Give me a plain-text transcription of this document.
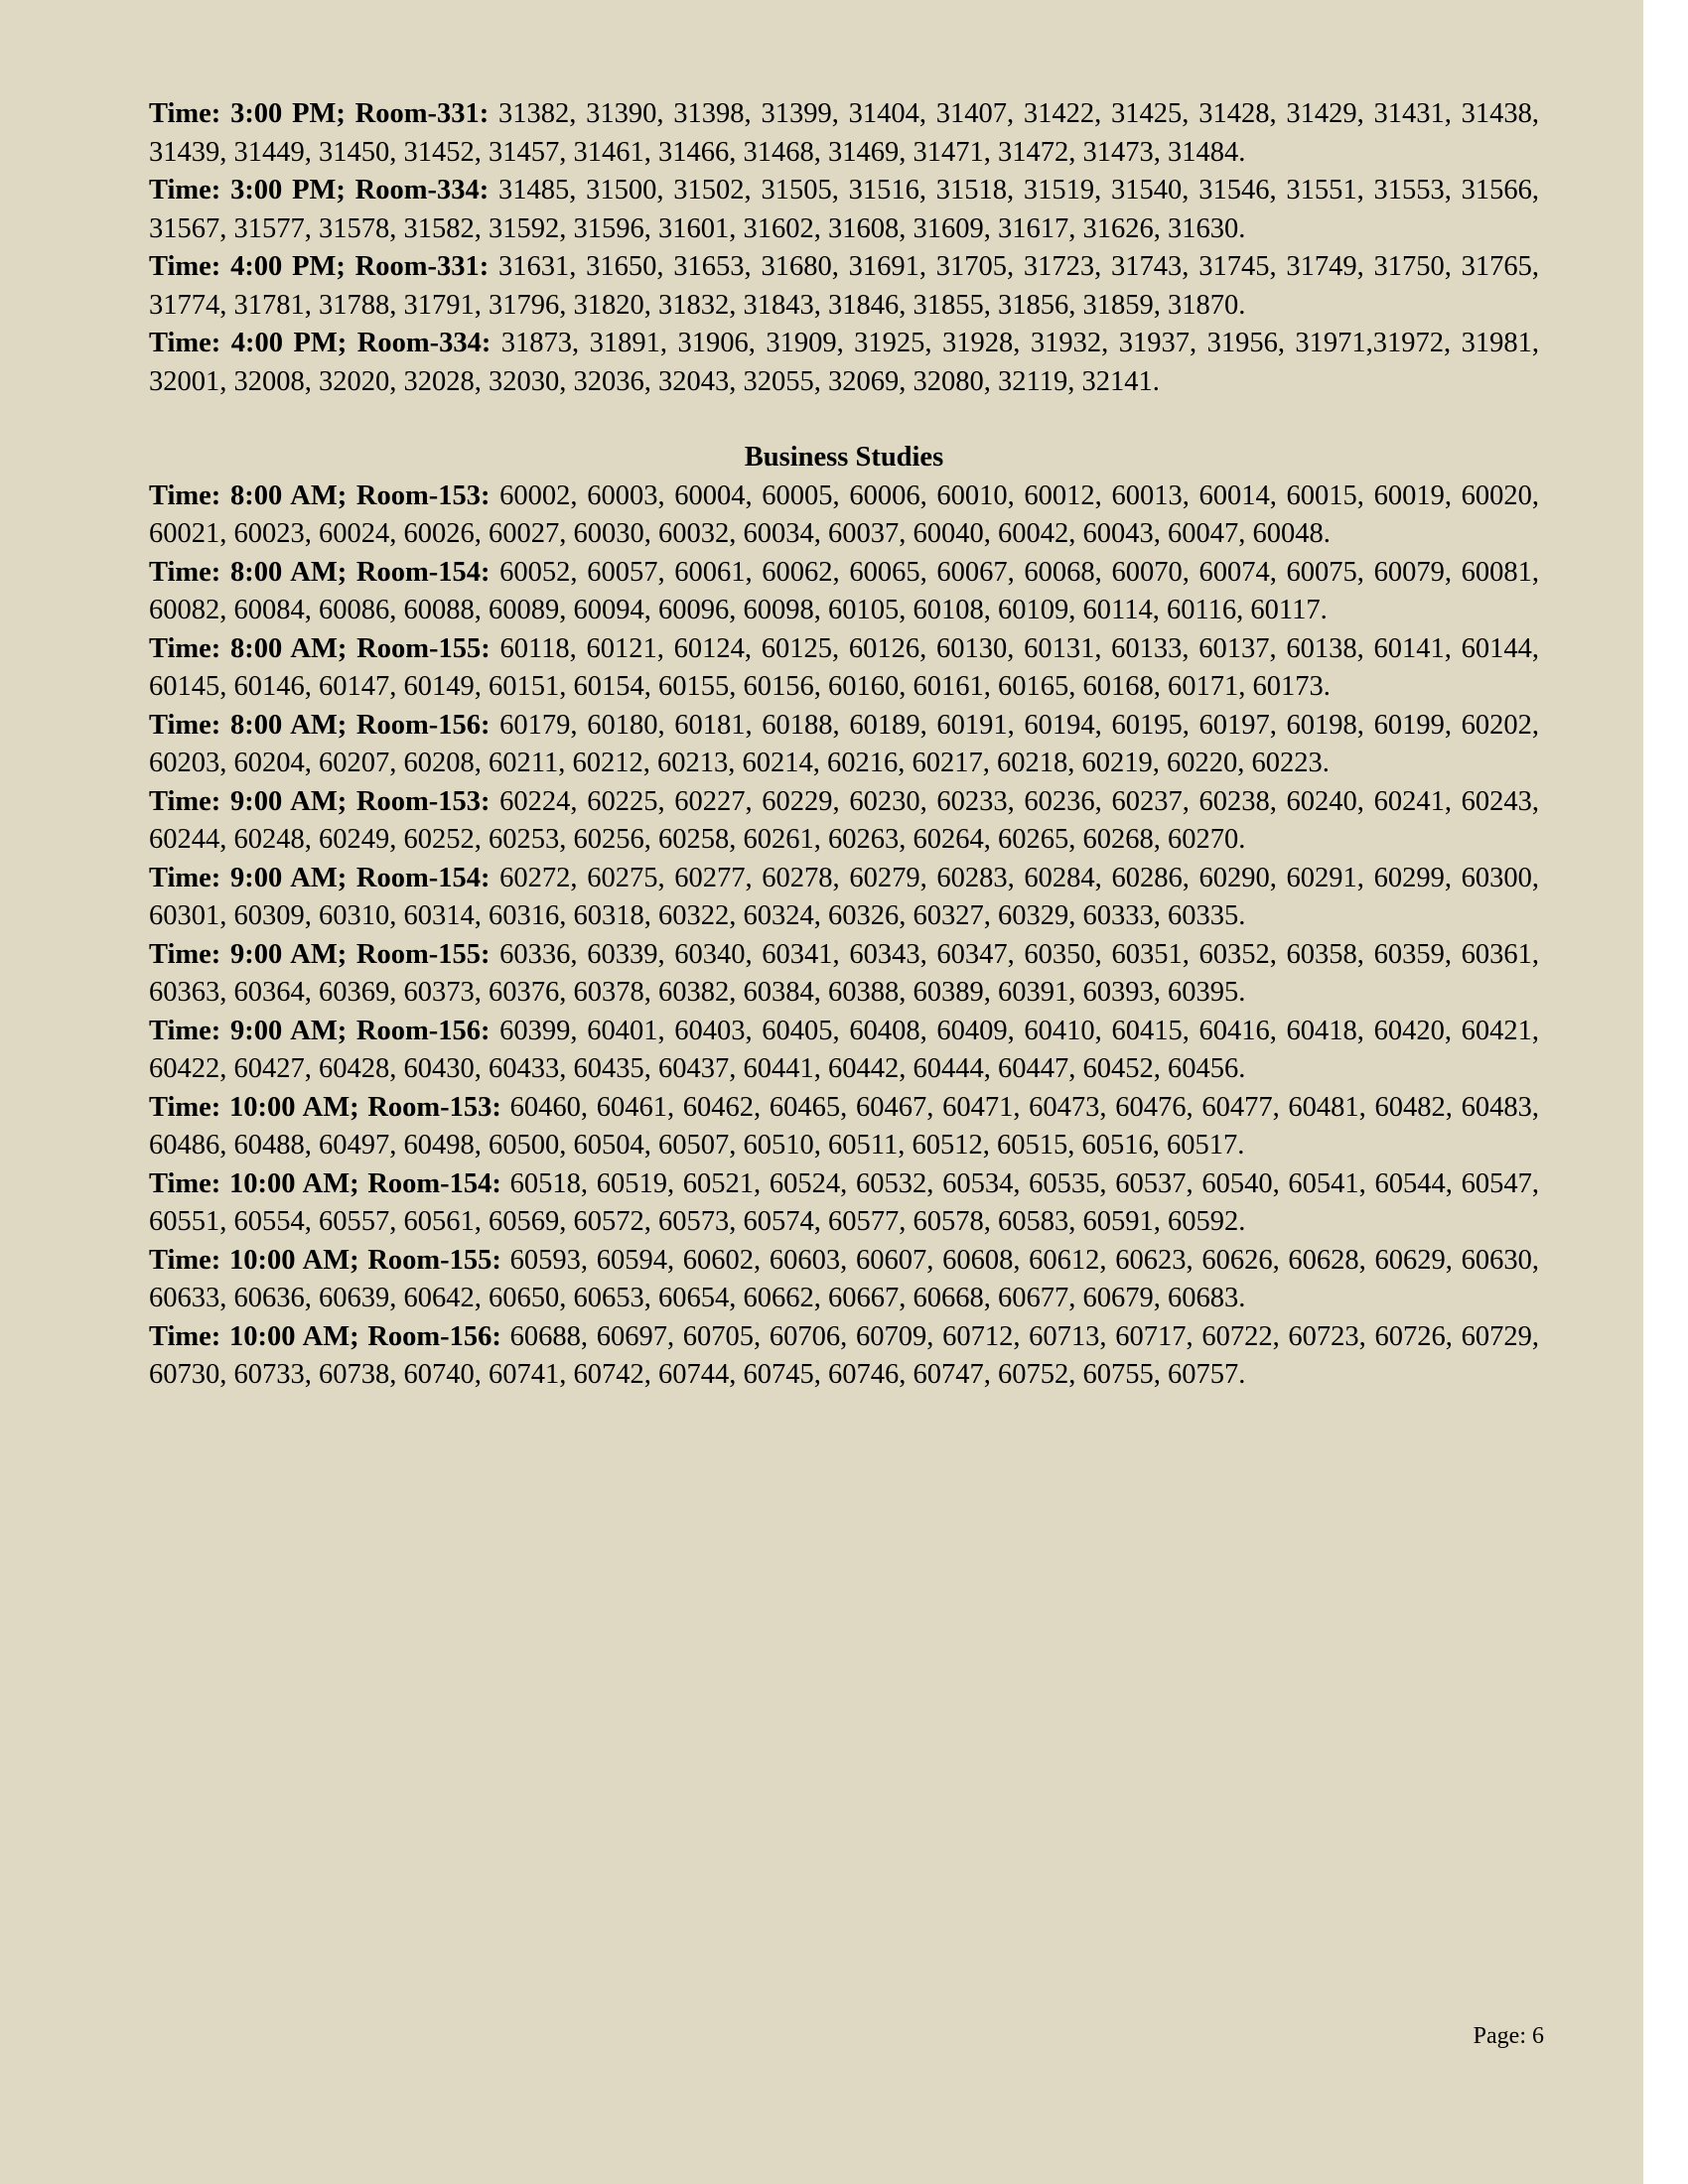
Time: 3:00 PM; Room-331: 31382, 31390, 31398, 31399, 31404, 31407, 31422, 31425, 31428, 31429, 31431, 31438, 31439, 31449, 31450, 31452, 31457, 31461, 31466, 31468, 31469, 31471, 31472, 31473, 31484.

Time: 3:00 PM; Room-334: 31485, 31500, 31502, 31505, 31516, 31518, 31519, 31540, 31546, 31551, 31553, 31566, 31567, 31577, 31578, 31582, 31592, 31596, 31601, 31602, 31608, 31609, 31617, 31626, 31630.

Time: 4:00 PM; Room-331: 31631, 31650, 31653, 31680, 31691, 31705, 31723, 31743, 31745, 31749, 31750, 31765, 31774, 31781, 31788, 31791, 31796, 31820, 31832, 31843, 31846, 31855, 31856, 31859, 31870.

Time: 4:00 PM; Room-334: 31873, 31891, 31906, 31909, 31925, 31928, 31932, 31937, 31956, 31971,31972, 31981, 32001, 32008, 32020, 32028, 32030, 32036, 32043, 32055, 32069, 32080, 32119, 32141.

Business Studies

Time: 8:00 AM; Room-153: 60002, 60003, 60004, 60005, 60006, 60010, 60012, 60013, 60014, 60015, 60019, 60020, 60021, 60023, 60024, 60026, 60027, 60030, 60032, 60034, 60037, 60040, 60042, 60043, 60047, 60048.

Time: 8:00 AM; Room-154: 60052, 60057, 60061, 60062, 60065, 60067, 60068, 60070, 60074, 60075, 60079, 60081, 60082, 60084, 60086, 60088, 60089, 60094, 60096, 60098, 60105, 60108, 60109, 60114, 60116, 60117.

Time: 8:00 AM; Room-155: 60118, 60121, 60124, 60125, 60126, 60130, 60131, 60133, 60137, 60138, 60141, 60144, 60145, 60146, 60147, 60149, 60151, 60154, 60155, 60156, 60160, 60161, 60165, 60168, 60171, 60173.

Time: 8:00 AM; Room-156: 60179, 60180, 60181, 60188, 60189, 60191, 60194, 60195, 60197, 60198, 60199, 60202, 60203, 60204, 60207, 60208, 60211, 60212, 60213, 60214, 60216, 60217, 60218, 60219, 60220, 60223.

Time: 9:00 AM; Room-153: 60224, 60225, 60227, 60229, 60230, 60233, 60236, 60237, 60238, 60240, 60241, 60243, 60244, 60248, 60249, 60252, 60253, 60256, 60258, 60261, 60263, 60264, 60265, 60268, 60270.

Time: 9:00 AM; Room-154: 60272, 60275, 60277, 60278, 60279, 60283, 60284, 60286, 60290, 60291, 60299, 60300, 60301, 60309, 60310, 60314, 60316, 60318, 60322, 60324, 60326, 60327, 60329, 60333, 60335.

Time: 9:00 AM; Room-155: 60336, 60339, 60340, 60341, 60343, 60347, 60350, 60351, 60352, 60358, 60359, 60361, 60363, 60364, 60369, 60373, 60376, 60378, 60382, 60384, 60388, 60389, 60391, 60393, 60395.

Time: 9:00 AM; Room-156: 60399, 60401, 60403, 60405, 60408, 60409, 60410, 60415, 60416, 60418, 60420, 60421, 60422, 60427, 60428, 60430, 60433, 60435, 60437, 60441, 60442, 60444, 60447, 60452, 60456.

Time: 10:00 AM; Room-153: 60460, 60461, 60462, 60465, 60467, 60471, 60473, 60476, 60477, 60481, 60482, 60483, 60486, 60488, 60497, 60498, 60500, 60504, 60507, 60510, 60511, 60512, 60515, 60516, 60517.

Time: 10:00 AM; Room-154: 60518, 60519, 60521, 60524, 60532, 60534, 60535, 60537, 60540, 60541, 60544, 60547, 60551, 60554, 60557, 60561, 60569, 60572, 60573, 60574, 60577, 60578, 60583, 60591, 60592.

Time: 10:00 AM; Room-155: 60593, 60594, 60602, 60603, 60607, 60608, 60612, 60623, 60626, 60628, 60629, 60630, 60633, 60636, 60639, 60642, 60650, 60653, 60654, 60662, 60667, 60668, 60677, 60679, 60683.

Time: 10:00 AM; Room-156: 60688, 60697, 60705, 60706, 60709, 60712, 60713, 60717, 60722, 60723, 60726, 60729, 60730, 60733, 60738, 60740, 60741, 60742, 60744, 60745, 60746, 60747, 60752, 60755, 60757.

Page: 6
